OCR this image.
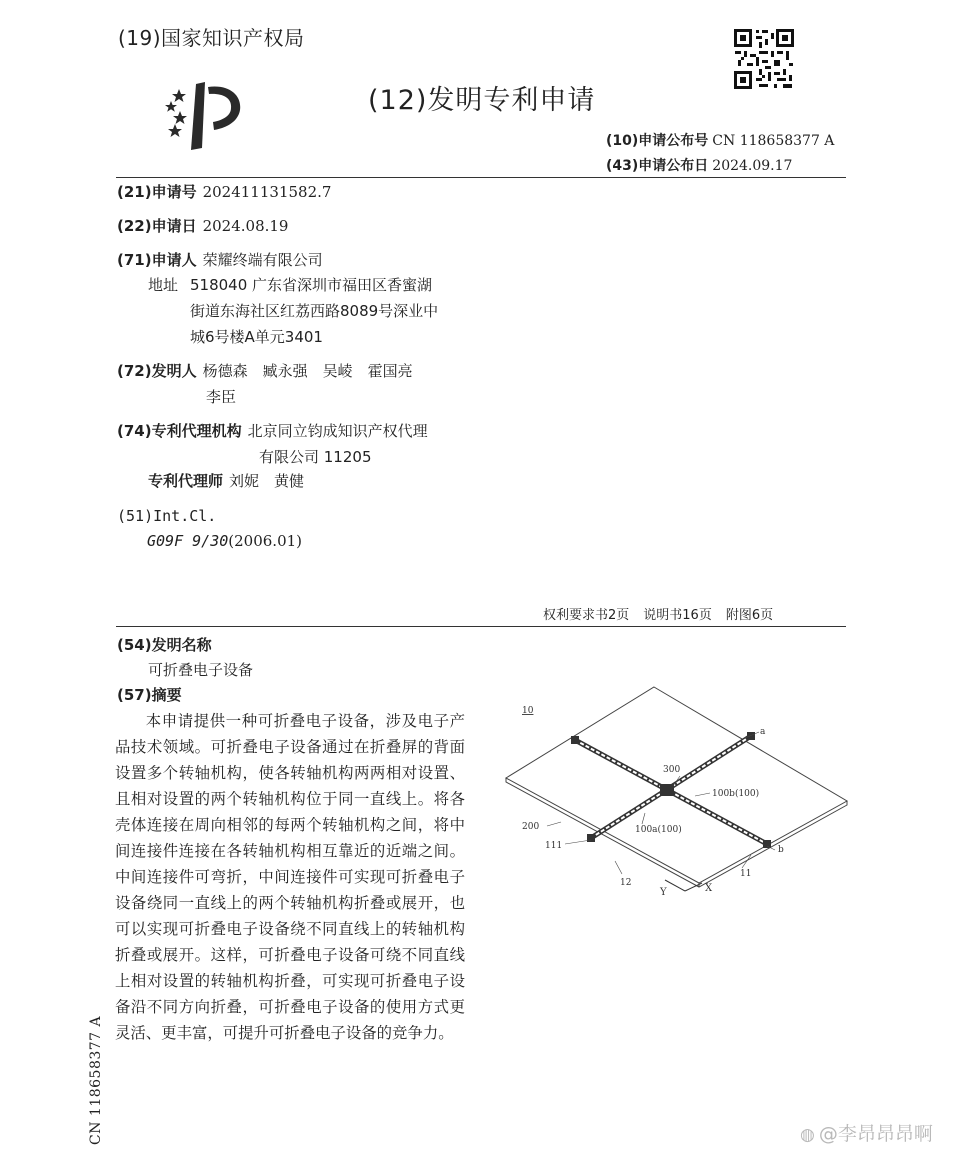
(19)国家知识产权局
(12)发明专利申请
(10)申请公布号 CN 118658377 A
(43)申请公布日 2024.09.17
(21)申请号 202411131582.7
(22)申请日 2024.08.19
(71)申请人 荣耀终端有限公司
地址 518040 广东省深圳市福田区香蜜湖
街道东海社区红荔西路8089号深业中
城6号楼A单元3401
(72)发明人 杨德森　臧永强　吴崚　霍国亮
李臣
(74)专利代理机构 北京同立钧成知识产权代理
有限公司 11205
专利代理师 刘妮　黄健
(51)Int.Cl.
G09F 9/30(2006.01)
权利要求书2页 说明书16页 附图6页
(54)发明名称
可折叠电子设备
(57)摘要

本申请提供一种可折叠电子设备，涉及电子产品技术领域。可折叠电子设备通过在折叠屏的背面设置多个转轴机构，使各转轴机构两两相对设置、且相对设置的两个转轴机构位于同一直线上。将各壳体连接在周向相邻的每两个转轴机构之间，将中间连接件连接在各转轴机构相互靠近的近端之间。中间连接件可弯折，中间连接件可实现可折叠电子设备绕同一直线上的两个转轴机构折叠或展开，也可以实现可折叠电子设备绕不同直线上的转轴机构折叠或展开。这样，可折叠电子设备可绕不同直线上相对设置的转轴机构折叠，可实现可折叠电子设备沿不同方向折叠，可折叠电子设备的使用方式更灵活、更丰富，可提升可折叠电子设备的竞争力。

10
a
b
300
100b(100)
100a(100)
200
111
12
11
Y	X
CN 118658377 A	◍ @李昂昂昂啊
